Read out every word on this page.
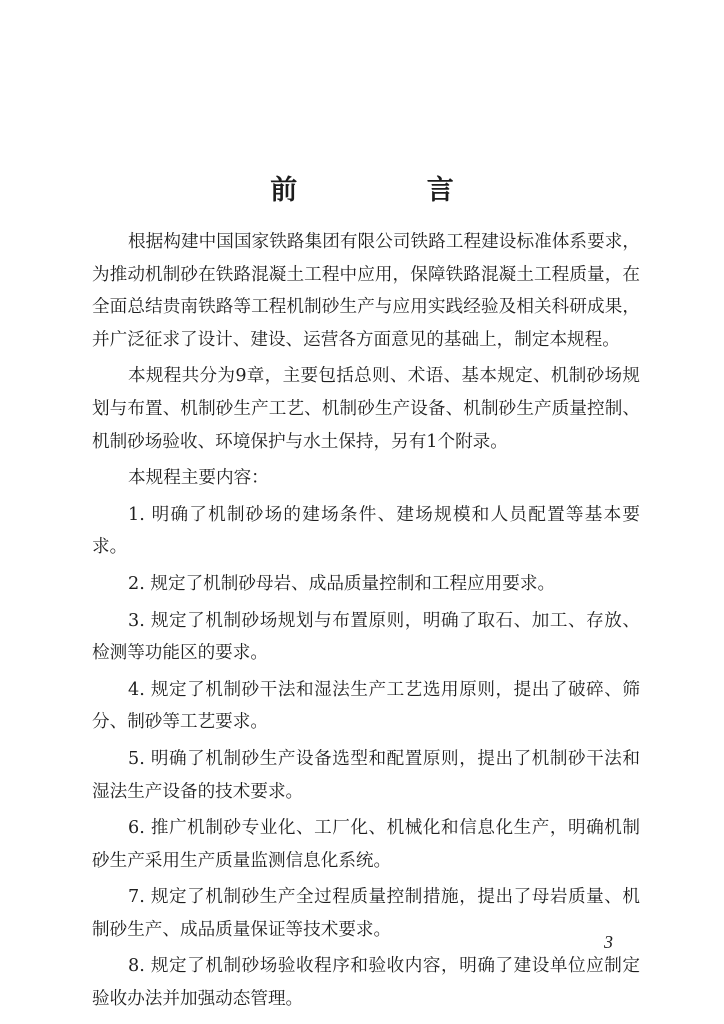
前 言

根据构建中国国家铁路集团有限公司铁路工程建设标准体系要求，为推动机制砂在铁路混凝土工程中应用，保障铁路混凝土工程质量，在全面总结贵南铁路等工程机制砂生产与应用实践经验及相关科研成果，并广泛征求了设计、建设、运营各方面意见的基础上，制定本规程。

本规程共分为9章，主要包括总则、术语、基本规定、机制砂场规划与布置、机制砂生产工艺、机制砂生产设备、机制砂生产质量控制、机制砂场验收、环境保护与水土保持，另有1个附录。

本规程主要内容：

1. 明确了机制砂场的建场条件、建场规模和人员配置等基本要求。

2. 规定了机制砂母岩、成品质量控制和工程应用要求。

3. 规定了机制砂场规划与布置原则，明确了取石、加工、存放、检测等功能区的要求。

4. 规定了机制砂干法和湿法生产工艺选用原则，提出了破碎、筛分、制砂等工艺要求。

5. 明确了机制砂生产设备选型和配置原则，提出了机制砂干法和湿法生产设备的技术要求。

6. 推广机制砂专业化、工厂化、机械化和信息化生产，明确机制砂生产采用生产质量监测信息化系统。

7. 规定了机制砂生产全过程质量控制措施，提出了母岩质量、机制砂生产、成品质量保证等技术要求。

8. 规定了机制砂场验收程序和验收内容，明确了建设单位应制定验收办法并加强动态管理。

3
